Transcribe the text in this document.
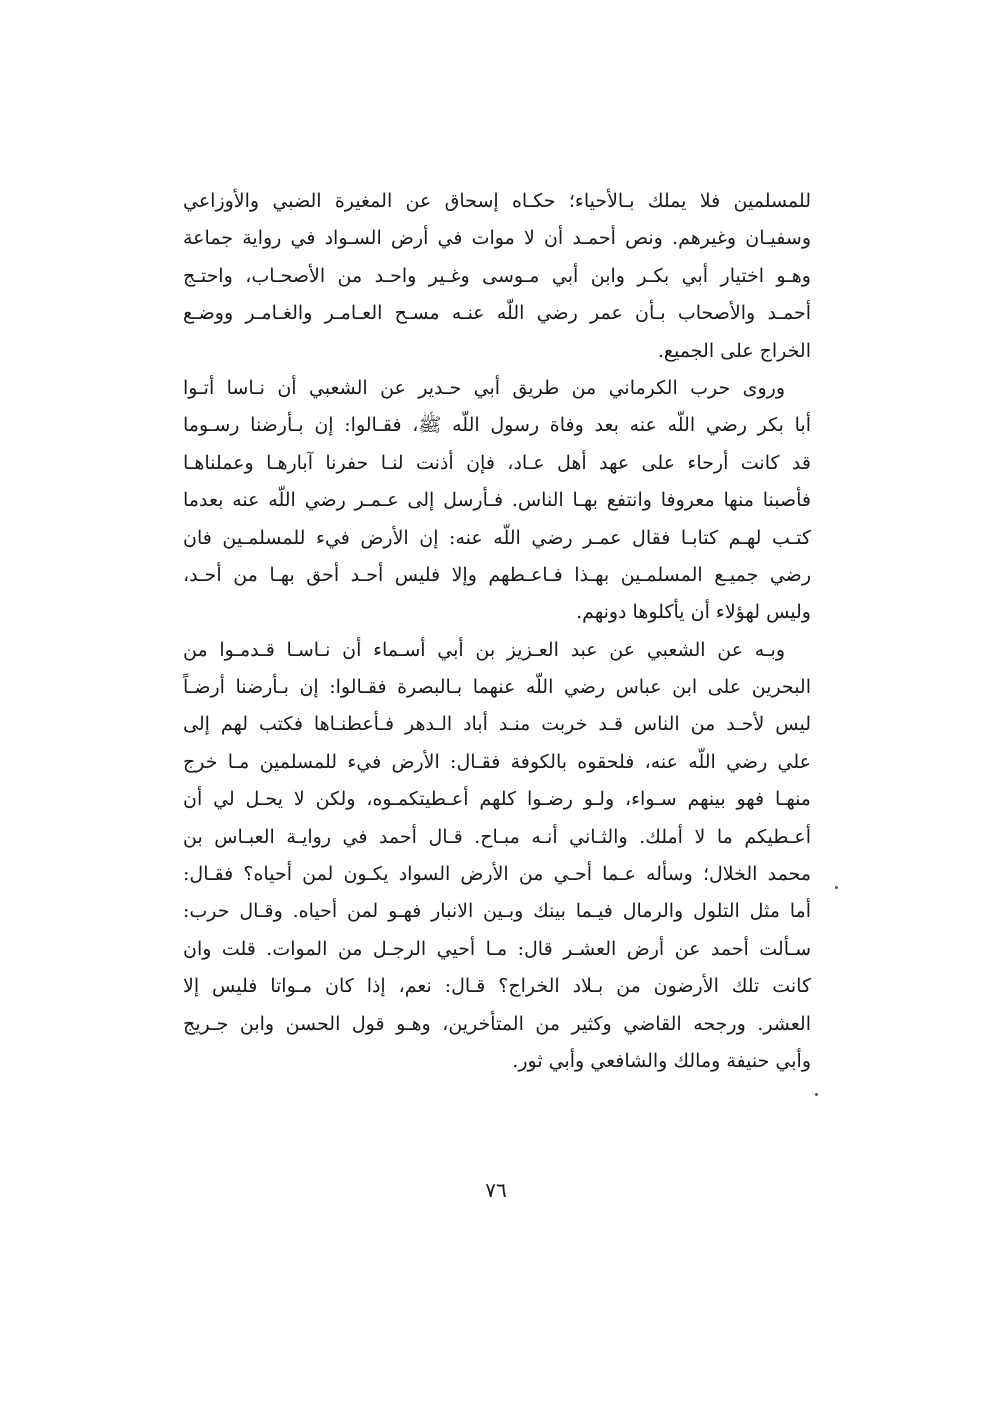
للمسلمين فلا يملك بـالأحياء؛ حكـاه إسحاق عن المغيرة الضبي والأوزاعي
وسفيـان وغيرهم. ونص أحمـد أن لا موات في أرض السـواد في رواية جماعة
وهـو اختيار أبي بكـر وابن أبي مـوسى وغـير واحـد من الأصحـاب، واحتـج
أحمـد والأصحاب بـأن عمر رضي اللّه عنـه مسـح العـامـر والغـامـر ووضـع
الخراج على الجميع.
وروى حرب الكرماني من طريق أبي حـدير عن الشعبي أن نـاسا أتـوا
أبا بكر رضي اللّه عنه بعد وفاة رسول اللّه ﷺ، فقـالوا: إن بـأرضنا رسـوما
قد كانت أرحاء على عهد أهل عـاد، فإن أذنت لنـا حفرنا آبارهـا وعملناهـا
فأصبنا منها معروفا وانتفع بهـا الناس. فـأرسل إلى عـمـر رضي اللّه عنه بعدما
كتـب لهـم كتابـا فقال عمـر رضي اللّه عنه: إن الأرض فيء للمسلمـين فان
رضي جميـع المسلمـين بهـذا فـاعـطهم وإلا فليس أحـد أحق بهـا من أحـد،
وليس لهؤلاء أن يأكلوها دونهم.
وبـه عن الشعبي عن عبد العـزيز بن أبي أسـماء أن نـاسـا قـدمـوا من
البحرين على ابن عباس رضي اللّه عنهما بـالبصرة فقـالوا: إن بـأرضنا أرضـاً
ليس لأحـد من الناس قـد خربت منـد أباد الـدهر فـأعطنـاها فكتب لهم إلى
علي رضي اللّه عنه، فلحقوه بالكوفة فقـال: الأرض فيء للمسلمين مـا خرج
منهـا فهو بينهم سـواء، ولـو رضـوا كلهم أعـطيتكمـوه، ولكن لا يحـل لي أن
أعـطيكم ما لا أملك. والثـاني أنـه مبـاح. قـال أحمد في روايـة العبـاس بن
محمد الخلال؛ وسأله عـما أحـي من الأرض السواد يكـون لمن أحياه؟ فقـال:
أما مثل التلول والرمال فيـما بينك وبـين الانبار فهـو لمن أحياه. وقـال حرب:
سـألت أحمد عن أرض العشـر قال: مـا أحيي الرجـل من الموات. قلت وان
كانت تلك الأرضون من بـلاد الخراج؟ قـال: نعم، إذا كان مـواتا فليس إلا
العشر. ورجحه القاضي وكثير من المتأخرين، وهـو قول الحسن وابن جـريج
وأبي حنيفة ومالك والشافعي وأبي ثور.
٧٦
